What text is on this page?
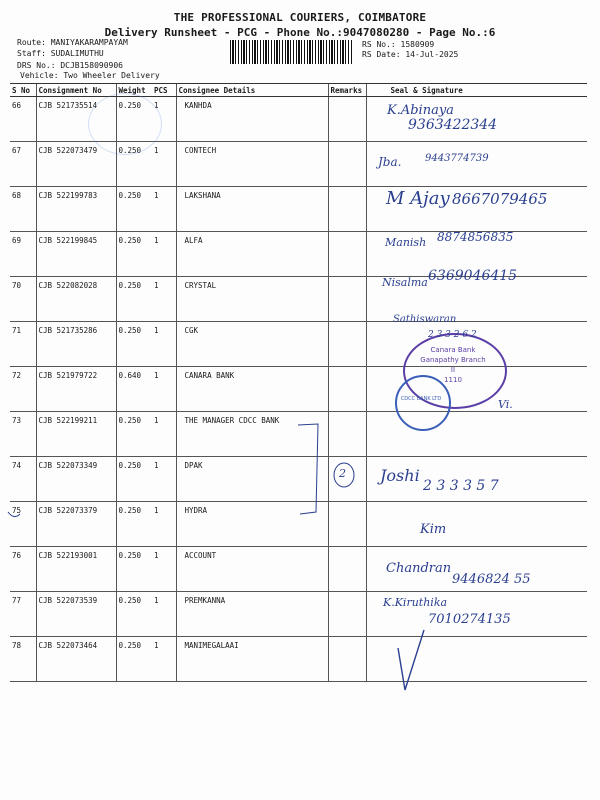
THE PROFESSIONAL COURIERS, COIMBATORE
Delivery Runsheet - PCG - Phone No.:9047080280 - Page No.:6
Route: MANIYAKARAMPAYAM
Staff: SUDALIMUTHU
DRS No.: DCJB158090906
Vehicle: Two Wheeler Delivery
RS No.: 1580909
RS Date: 14-Jul-2025
S No	Consignment No	Weight	PCS	Consignee Details	Remarks	Seal & Signature
66	CJB 521735514	0.250	1	KANHDA		
67	CJB 522073479	0.250	1	CONTECH		
68	CJB 522199783	0.250	1	LAKSHANA		
69	CJB 522199845	0.250	1	ALFA		
70	CJB 522082028	0.250	1	CRYSTAL		
71	CJB 521735286	0.250	1	CGK		
72	CJB 521979722	0.640	1	CANARA BANK		
73	CJB 522199211	0.250	1	THE MANAGER CDCC BANK		
74	CJB 522073349	0.250	1	DPAK		
75	CJB 522073379	0.250	1	HYDRA		
76	CJB 522193001	0.250	1	ACCOUNT		
77	CJB 522073539	0.250	1	PREMKANNA		
78	CJB 522073464	0.250	1	MANIMEGALAAI		
Canara Bank
Ganapathy Branch II
1110
CDCC BANK LTD
K.Abinaya
9363422344
Jba. 9443774739
M Ajay 8667079465
Manish 8874856835
Nisalma 6369046415
Sathiswaran
2 3 3 2 6 2
Vi.
Joshi
2 3 3 3 5 7
Kim
Chandran
9446824 55
K.Kiruthika
7010274135
2
